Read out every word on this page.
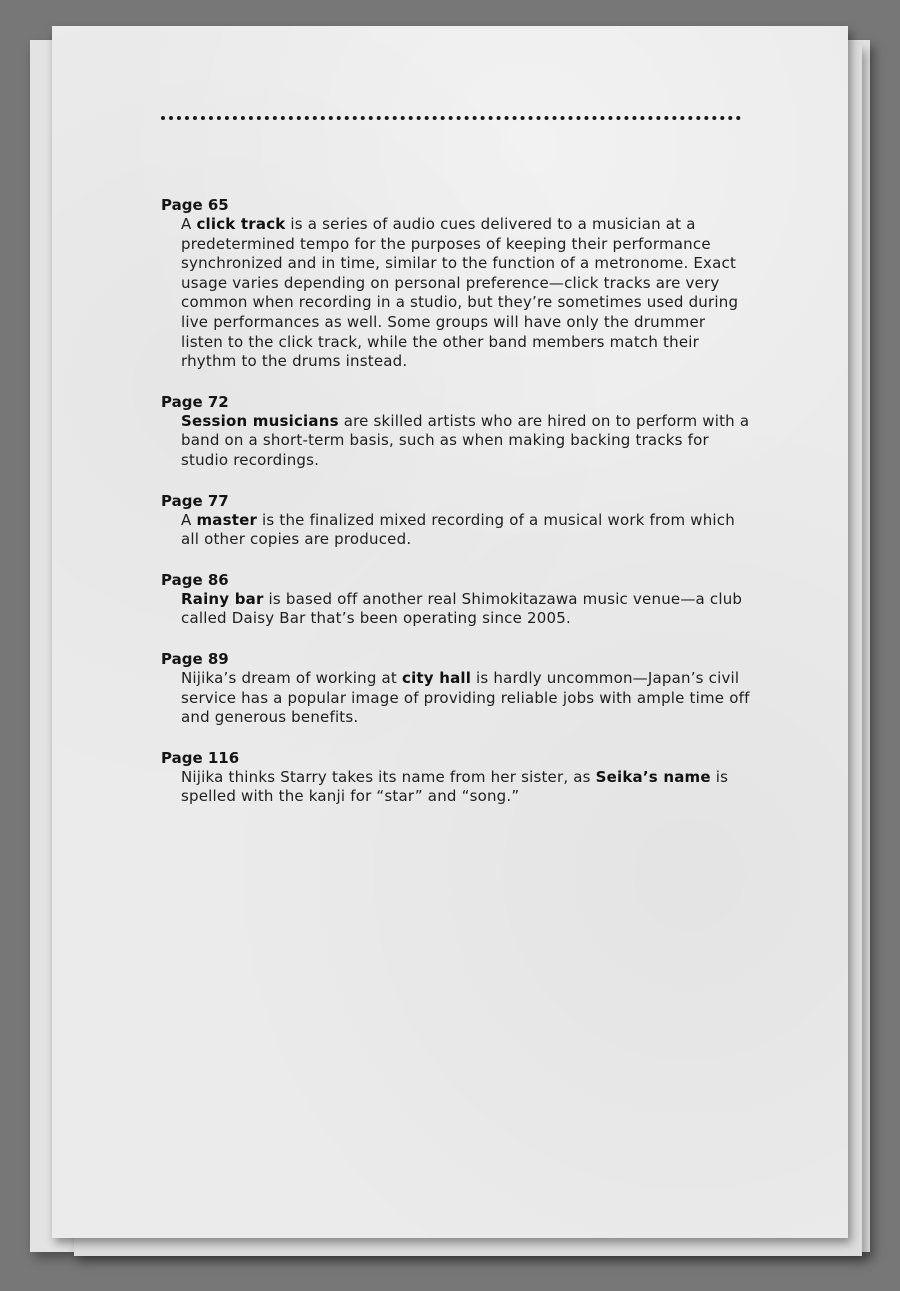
Page 65
A click track is a series of audio cues delivered to a musician at a predetermined tempo for the purposes of keeping their performance synchronized and in time, similar to the function of a metronome. Exact usage varies depending on personal preference—click tracks are very common when recording in a studio, but they’re sometimes used during live performances as well. Some groups will have only the drummer listen to the click track, while the other band members match their rhythm to the drums instead.
Page 72
Session musicians are skilled artists who are hired on to perform with a band on a short-term basis, such as when making backing tracks for studio recordings.
Page 77
A master is the finalized mixed recording of a musical work from which all other copies are produced.
Page 86
Rainy bar is based off another real Shimokitazawa music venue—a club called Daisy Bar that’s been operating since 2005.
Page 89
Nijika’s dream of working at city hall is hardly uncommon—Japan’s civil service has a popular image of providing reliable jobs with ample time off and generous benefits.
Page 116
Nijika thinks Starry takes its name from her sister, as Seika’s name is spelled with the kanji for “star” and “song.”
